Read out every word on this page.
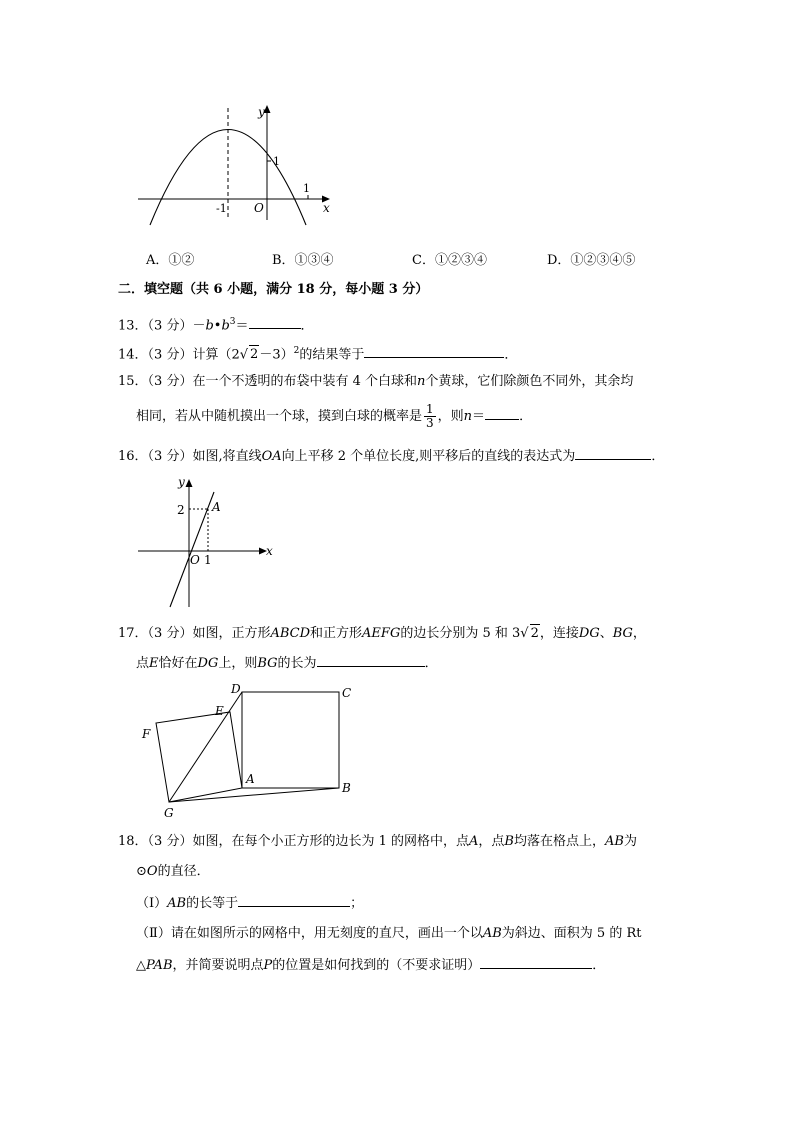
y
x
O
-1
1
1
A．①②	B．①③④	C．①②③④	D．①②③④⑤
二．填空题（共 6 小题，满分 18 分，每小题 3 分）
13．（3 分）$-b•b^3=$	．
14．（3 分）计算（2√ 2－3）$^2$的结果等于	．
15．（3 分）在一个不透明的布袋中装有 4 个白球和n个黄球，它们除颜色不同外，其余均
相同，若从中随机摸出一个球，摸到白球的概率是 $\frac{1}{3}$ ，则n＝	．
16．（3 分）如图,将直线OA向上平移 2 个单位长度,则平移后的直线的表达式为	．
y
x
O
2
1
A
17．（3 分）如图，正方形ABCD和正方形AEFG的边长分别为 5 和 3√ 2，连接DG、BG，
点E恰好在DG上，则BG的长为	．
D	C
E
F
A
B
G
18．（3 分）如图，在每个小正方形的边长为 1 的网格中，点A，点B均落在格点上，AB为
⊙O的直径．
（Ⅰ）AB的长等于	；
（Ⅱ）请在如图所示的网格中，用无刻度的直尺，画出一个以AB为斜边、面积为 5 的 Rt
△PAB，并简要说明点P的位置是如何找到的（不要求证明）	．
